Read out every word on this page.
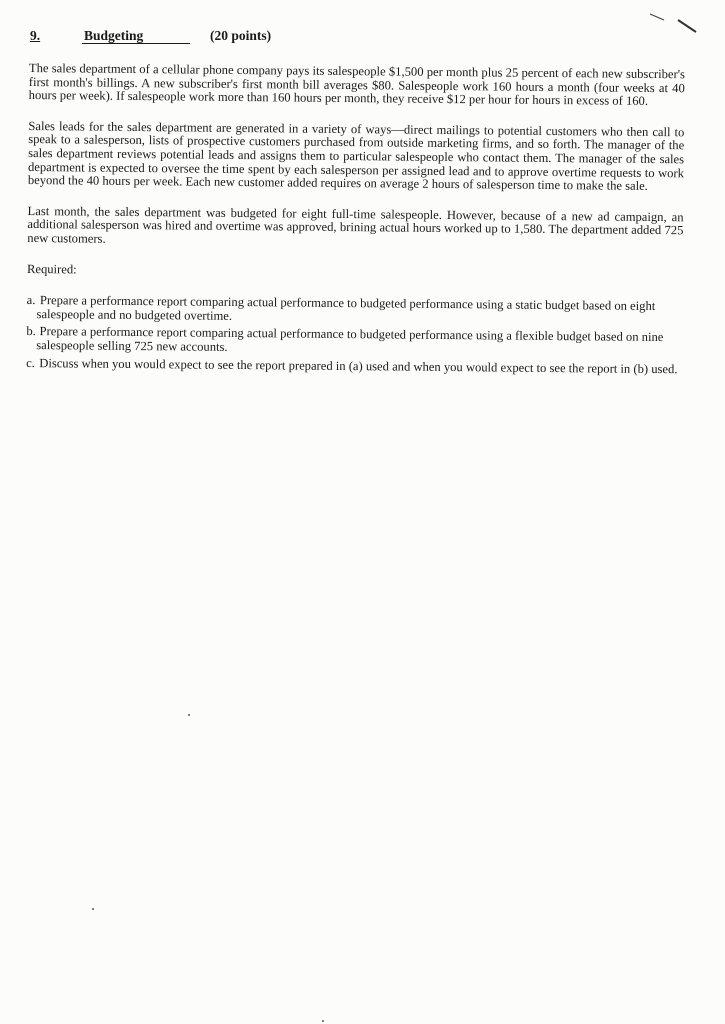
9.	Budgeting	(20 points)

The sales department of a cellular phone company pays its salespeople $1,500 per month plus 25 percent of each new subscriber's first month's billings. A new subscriber's first month bill averages $80. Salespeople work 160 hours a month (four weeks at 40 hours per week). If salespeople work more than 160 hours per month, they receive $12 per hour for hours in excess of 160.

Sales leads for the sales department are generated in a variety of ways—direct mailings to potential customers who then call to speak to a salesperson, lists of prospective customers purchased from outside marketing firms, and so forth. The manager of the sales department reviews potential leads and assigns them to particular salespeople who contact them. The manager of the sales department is expected to oversee the time spent by each salesperson per assigned lead and to approve overtime requests to work beyond the 40 hours per week. Each new customer added requires on average 2 hours of salesperson time to make the sale.

Last month, the sales department was budgeted for eight full-time salespeople. However, because of a new ad campaign, an additional salesperson was hired and overtime was approved, brining actual hours worked up to 1,580. The department added 725 new customers.

Required:

a. Prepare a performance report comparing actual performance to budgeted performance using a static budget based on eight salespeople and no budgeted overtime.
b. Prepare a performance report comparing actual performance to budgeted performance using a flexible budget based on nine salespeople selling 725 new accounts.
c. Discuss when you would expect to see the report prepared in (a) used and when you would expect to see the report in (b) used.
